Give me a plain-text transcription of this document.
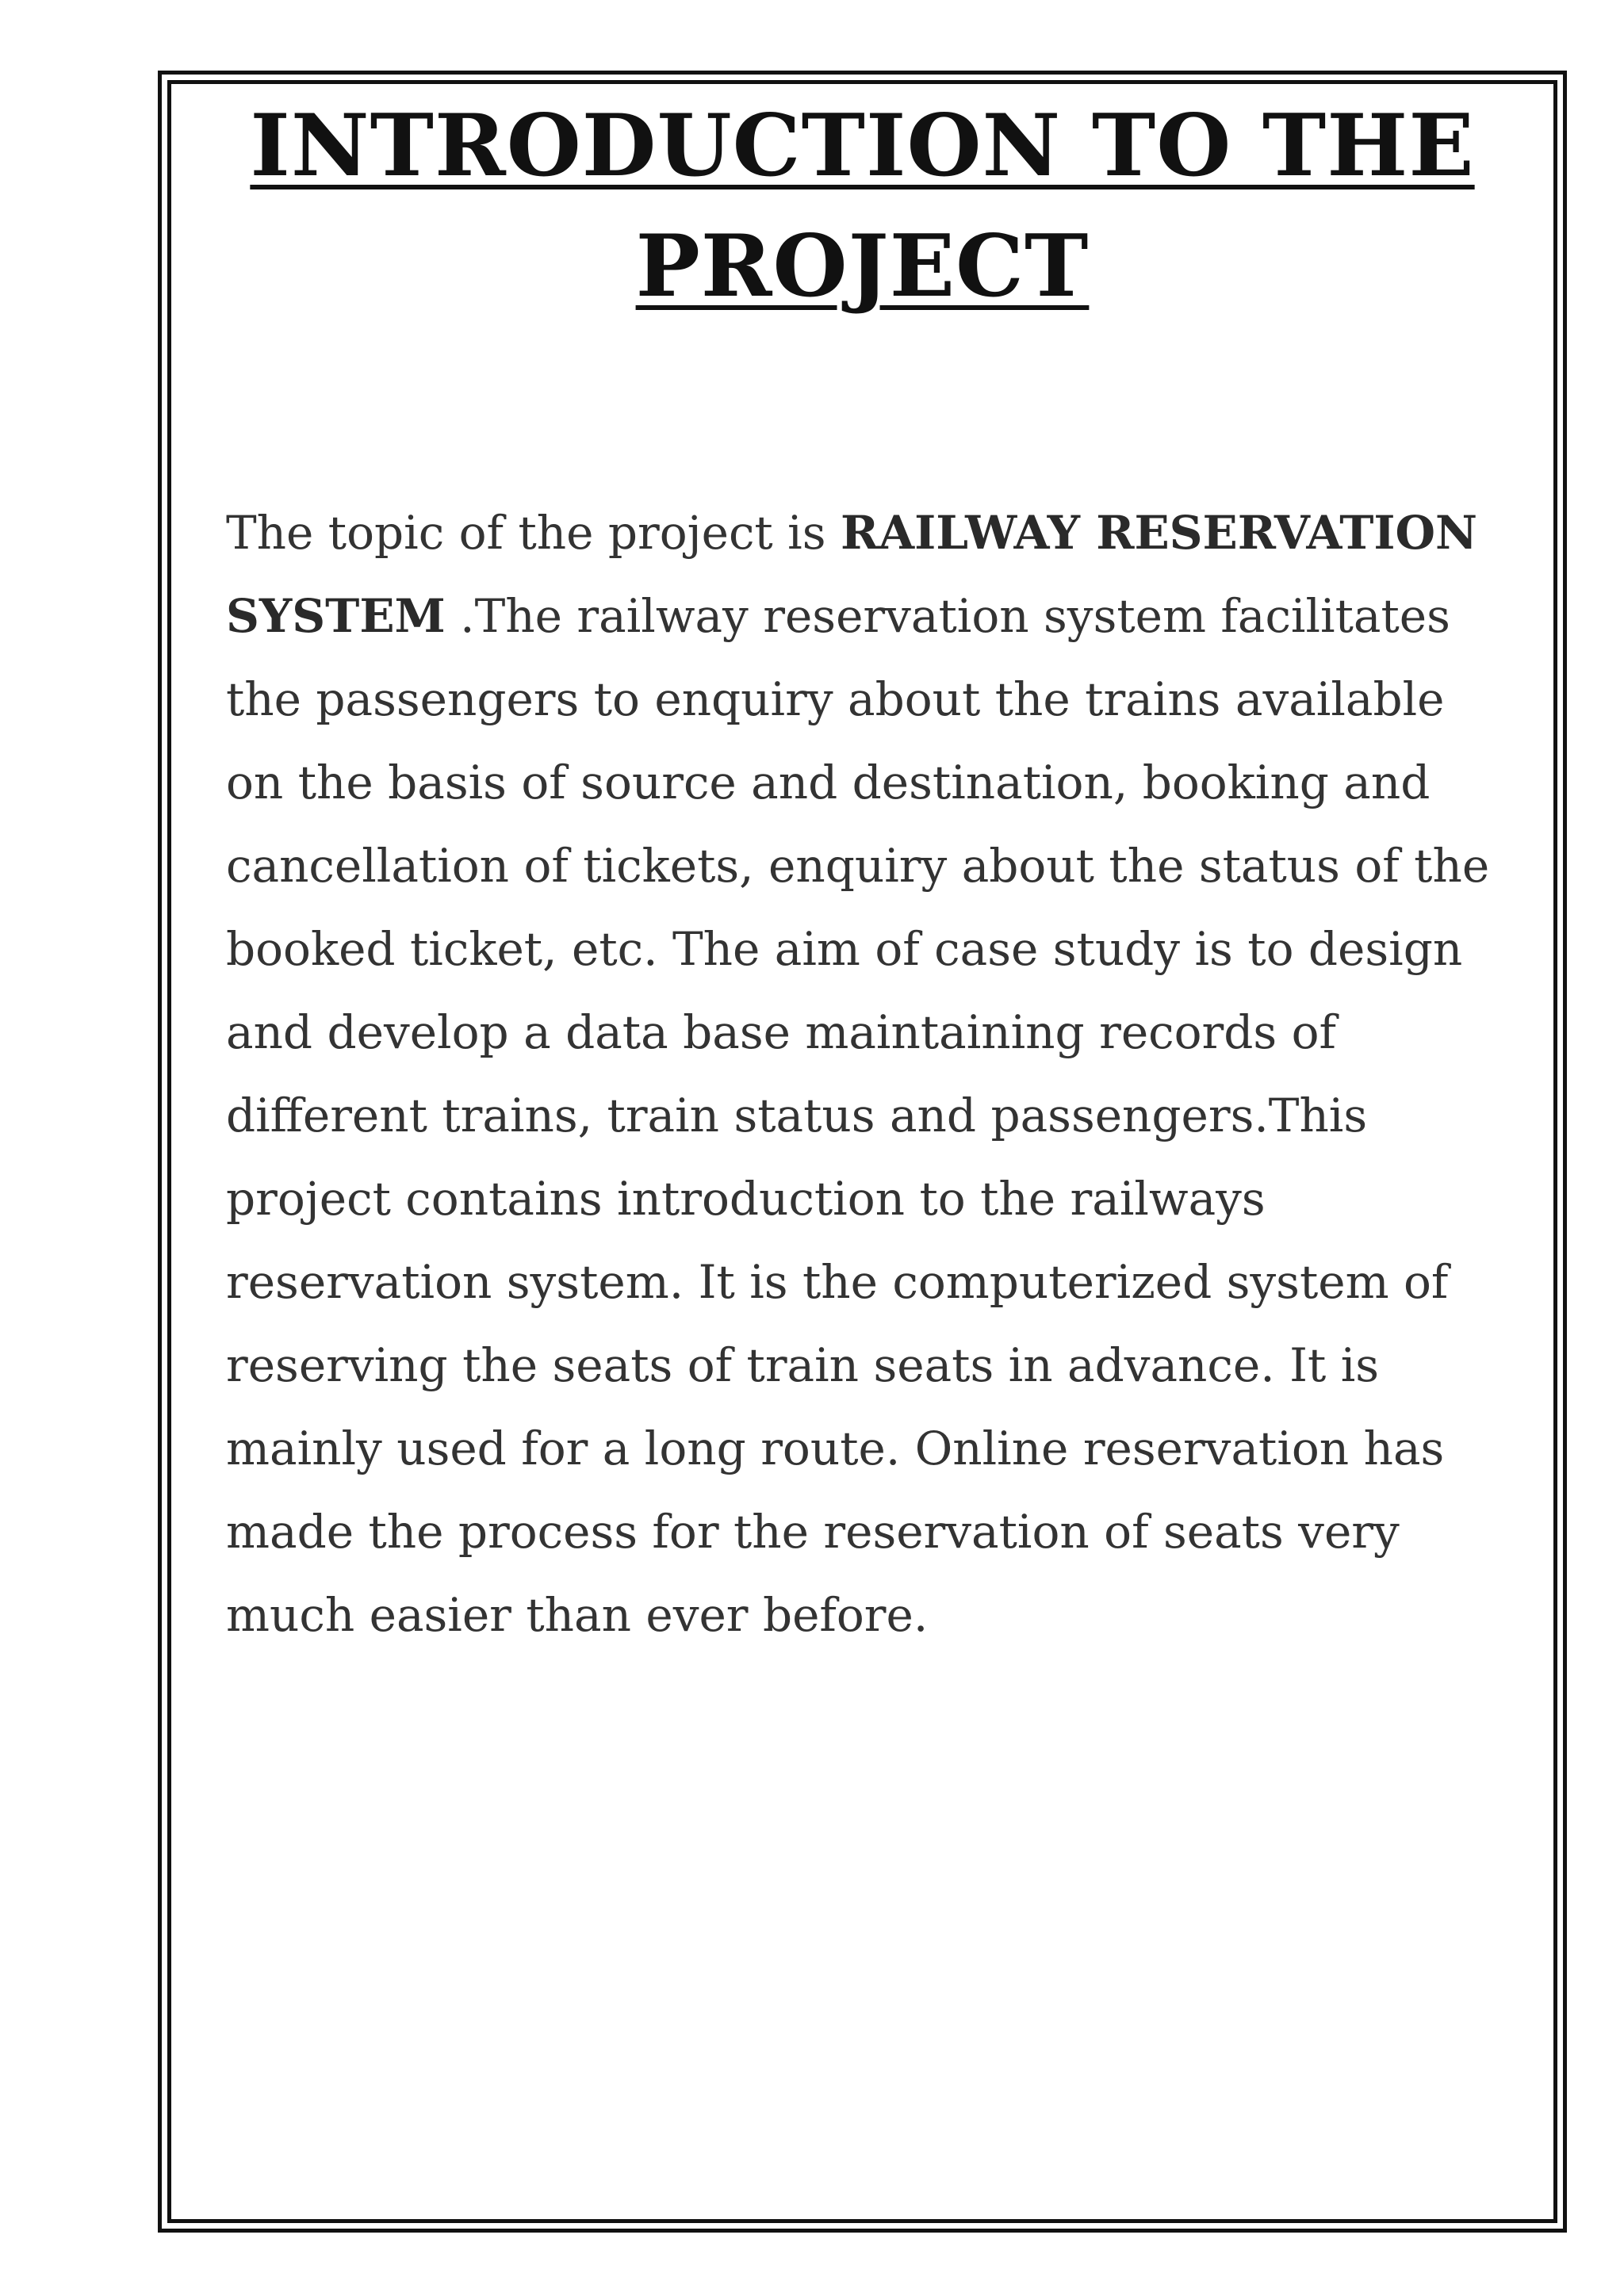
INTRODUCTION TO THE
PROJECT
The topic of the project is RAILWAY RESERVATION
SYSTEM .The railway reservation system facilitates
the passengers to enquiry about the trains available
on the basis of source and destination, booking and
cancellation of tickets, enquiry about the status of the
booked ticket, etc. The aim of case study is to design
and develop a data base maintaining records of
different trains, train status and passengers.This
project contains introduction to the railways
reservation system. It is the computerized system of
reserving the seats of train seats in advance. It is
mainly used for a long route. Online reservation has
made the process for the reservation of seats very
much easier than ever before.
